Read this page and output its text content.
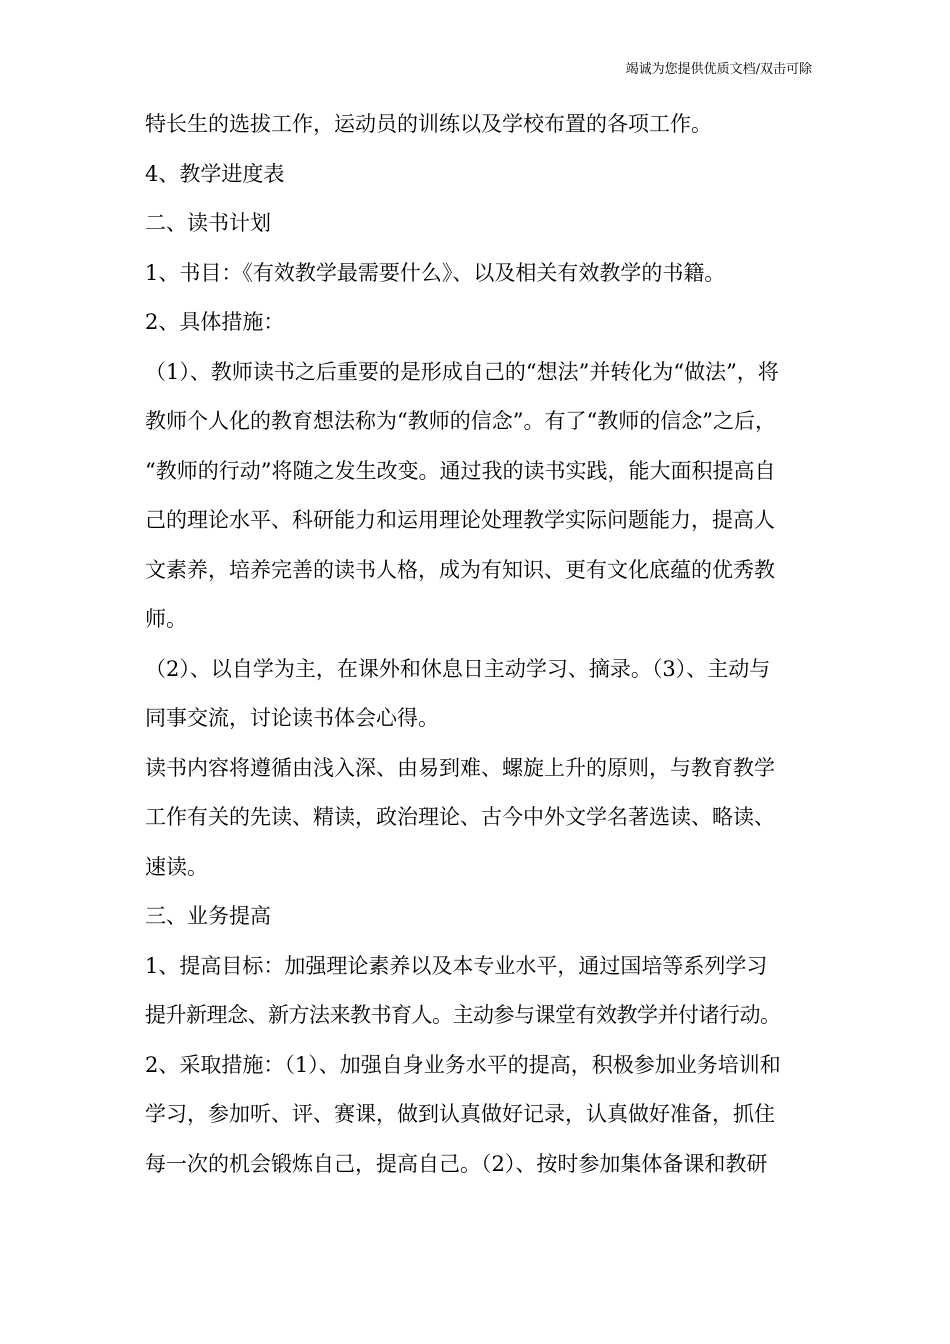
竭诚为您提供优质文档/双击可除
特长生的选拔工作，运动员的训练以及学校布置的各项工作。
4、教学进度表
二、读书计划
1、书目：《有效教学最需要什么》、以及相关有效教学的书籍。
2、具体措施：
（1）、教师读书之后重要的是形成自己的“想法”并转化为“做法”，将
教师个人化的教育想法称为“教师的信念”。有了“教师的信念”之后，
“教师的行动”将随之发生改变。通过我的读书实践，能大面积提高自
己的理论水平、科研能力和运用理论处理教学实际问题能力，提高人
文素养，培养完善的读书人格，成为有知识、更有文化底蕴的优秀教
师。
（2）、以自学为主，在课外和休息日主动学习、摘录。（3）、主动与
同事交流，讨论读书体会心得。
读书内容将遵循由浅入深、由易到难、螺旋上升的原则，与教育教学
工作有关的先读、精读，政治理论、古今中外文学名著选读、略读、
速读。
三、业务提高
1、提高目标：加强理论素养以及本专业水平，通过国培等系列学习
提升新理念、新方法来教书育人。主动参与课堂有效教学并付诸行动。
2、采取措施：（1）、加强自身业务水平的提高，积极参加业务培训和
学习，参加听、评、赛课，做到认真做好记录，认真做好准备，抓住
每一次的机会锻炼自己，提高自己。（2）、按时参加集体备课和教研
